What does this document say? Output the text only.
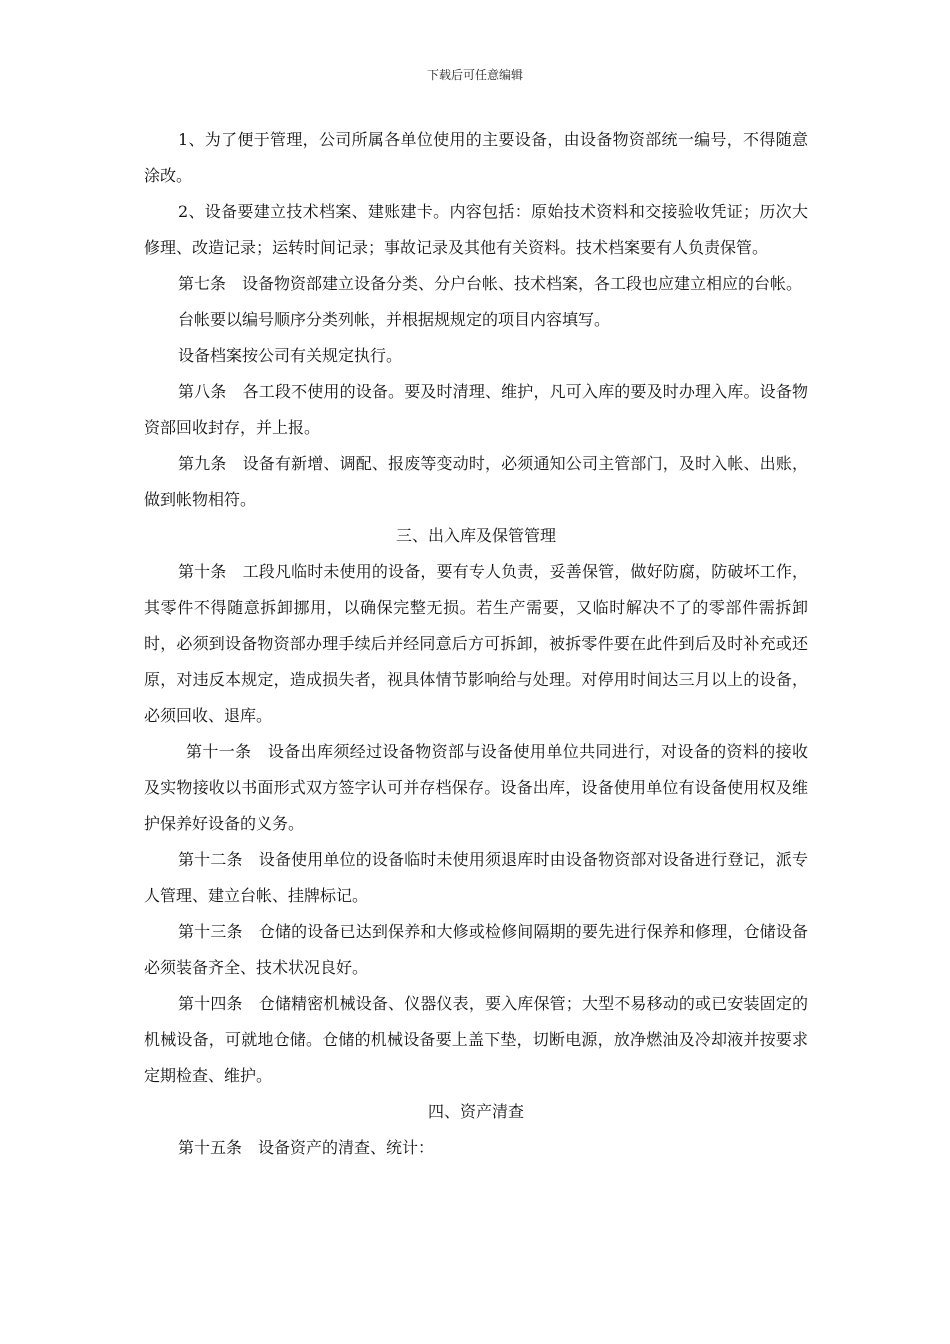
下载后可任意编辑

1、为了便于管理，公司所属各单位使用的主要设备，由设备物资部统一编号，不得随意涂改。

2、设备要建立技术档案、建账建卡。内容包括：原始技术资料和交接验收凭证；历次大修理、改造记录；运转时间记录；事故记录及其他有关资料。技术档案要有人负责保管。

第七条　设备物资部建立设备分类、分户台帐、技术档案，各工段也应建立相应的台帐。

台帐要以编号顺序分类列帐，并根据规规定的项目内容填写。

设备档案按公司有关规定执行。

第八条　各工段不使用的设备。要及时清理、维护，凡可入库的要及时办理入库。设备物资部回收封存，并上报。

第九条　设备有新增、调配、报废等变动时，必须通知公司主管部门，及时入帐、出账，做到帐物相符。

三、出入库及保管管理

第十条　工段凡临时未使用的设备，要有专人负责，妥善保管，做好防腐，防破坏工作，其零件不得随意拆卸挪用，以确保完整无损。若生产需要，又临时解决不了的零部件需拆卸时，必须到设备物资部办理手续后并经同意后方可拆卸，被拆零件要在此件到后及时补充或还原，对违反本规定，造成损失者，视具体情节影响给与处理。对停用时间达三月以上的设备，必须回收、退库。

第十一条　设备出库须经过设备物资部与设备使用单位共同进行，对设备的资料的接收及实物接收以书面形式双方签字认可并存档保存。设备出库，设备使用单位有设备使用权及维护保养好设备的义务。

第十二条　设备使用单位的设备临时未使用须退库时由设备物资部对设备进行登记，派专人管理、建立台帐、挂牌标记。

第十三条　仓储的设备已达到保养和大修或检修间隔期的要先进行保养和修理，仓储设备必须装备齐全、技术状况良好。

第十四条　仓储精密机械设备、仪器仪表，要入库保管；大型不易移动的或已安装固定的机械设备，可就地仓储。仓储的机械设备要上盖下垫，切断电源，放净燃油及冷却液并按要求定期检查、维护。

四、资产清查

第十五条　设备资产的清查、统计：
